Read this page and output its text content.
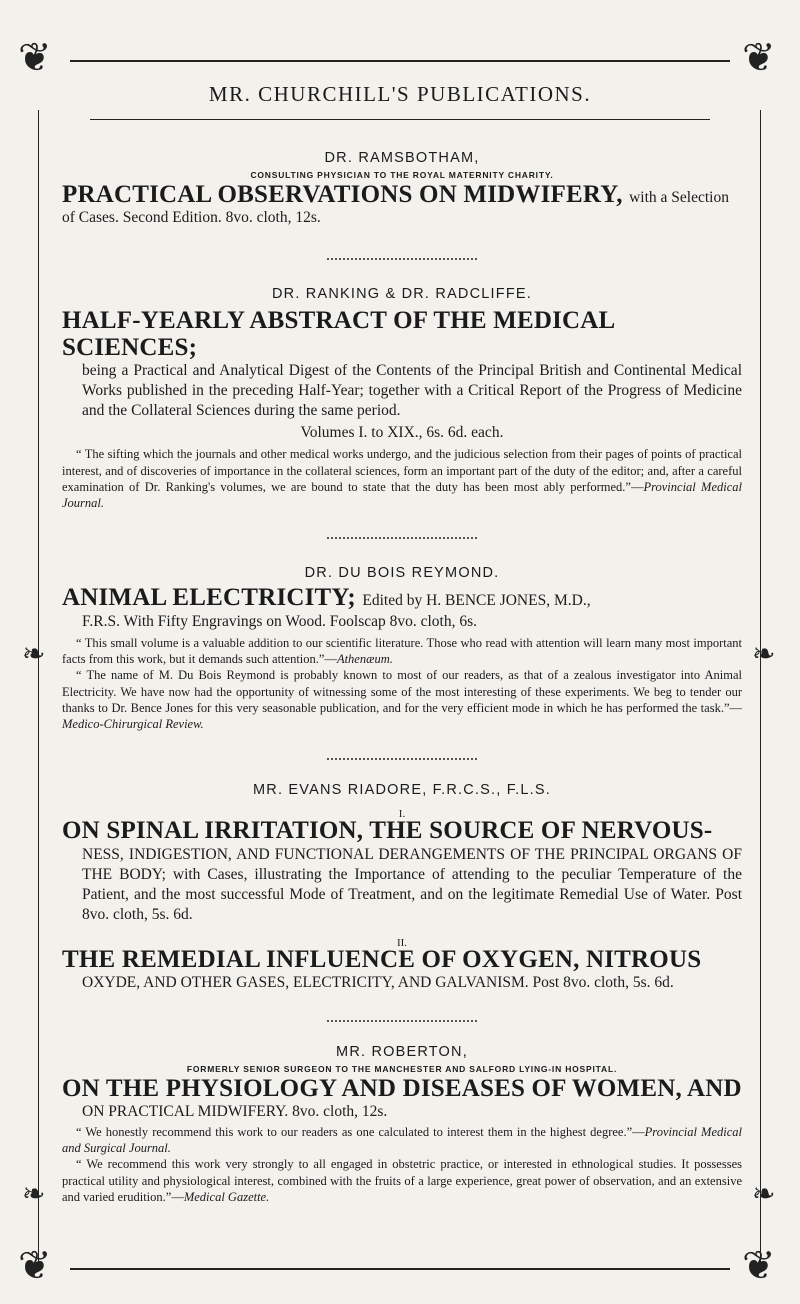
❦	❦
❧	❧
❧	❧
❦	❦
MR. CHURCHILL'S PUBLICATIONS.

DR. RAMSBOTHAM,

CONSULTING PHYSICIAN TO THE ROYAL MATERNITY CHARITY.

PRACTICAL OBSERVATIONS ON MIDWIFERY, with a Selection

of Cases. Second Edition. 8vo. cloth, 12s.

DR. RANKING & DR. RADCLIFFE.

HALF-YEARLY ABSTRACT OF THE MEDICAL SCIENCES;

being a Practical and Analytical Digest of the Contents of the Principal British and Continental Medical Works published in the preceding Half-Year; together with a Critical Report of the Progress of Medicine and the Collateral Sciences during the same period.

Volumes I. to XIX., 6s. 6d. each.

“ The sifting which the journals and other medical works undergo, and the judicious selection from their pages of points of practical interest, and of discoveries of importance in the collateral sciences, form an important part of the duty of the editor; and, after a careful examination of Dr. Ranking's volumes, we are bound to state that the duty has been most ably performed.”—Provincial Medical Journal.

DR. DU BOIS REYMOND.

ANIMAL ELECTRICITY; Edited by H. BENCE JONES, M.D.,

F.R.S. With Fifty Engravings on Wood. Foolscap 8vo. cloth, 6s.

“ This small volume is a valuable addition to our scientific literature. Those who read with attention will learn many most important facts from this work, but it demands such attention.”—Athenæum.

“ The name of M. Du Bois Reymond is probably known to most of our readers, as that of a zealous investigator into Animal Electricity. We have now had the opportunity of witnessing some of the most interesting of these experiments. We beg to tender our thanks to Dr. Bence Jones for this very seasonable publication, and for the very efficient mode in which he has performed the task.”—Medico-Chirurgical Review.

MR. EVANS RIADORE, F.R.C.S., F.L.S.

I.

ON SPINAL IRRITATION, THE SOURCE OF NERVOUS-

NESS, INDIGESTION, AND FUNCTIONAL DERANGEMENTS OF THE PRINCIPAL ORGANS OF THE BODY; with Cases, illustrating the Importance of attending to the peculiar Temperature of the Patient, and the most successful Mode of Treatment, and on the legitimate Remedial Use of Water. Post 8vo. cloth, 5s. 6d.

II.

THE REMEDIAL INFLUENCE OF OXYGEN, NITROUS

OXYDE, AND OTHER GASES, ELECTRICITY, AND GALVANISM. Post 8vo. cloth, 5s. 6d.

MR. ROBERTON,

FORMERLY SENIOR SURGEON TO THE MANCHESTER AND SALFORD LYING-IN HOSPITAL.

ON THE PHYSIOLOGY AND DISEASES OF WOMEN, AND

ON PRACTICAL MIDWIFERY. 8vo. cloth, 12s.

“ We honestly recommend this work to our readers as one calculated to interest them in the highest degree.”—Provincial Medical and Surgical Journal.

“ We recommend this work very strongly to all engaged in obstetric practice, or interested in ethnological studies. It possesses practical utility and physiological interest, combined with the fruits of a large experience, great power of observation, and an extensive and varied erudition.”—Medical Gazette.
